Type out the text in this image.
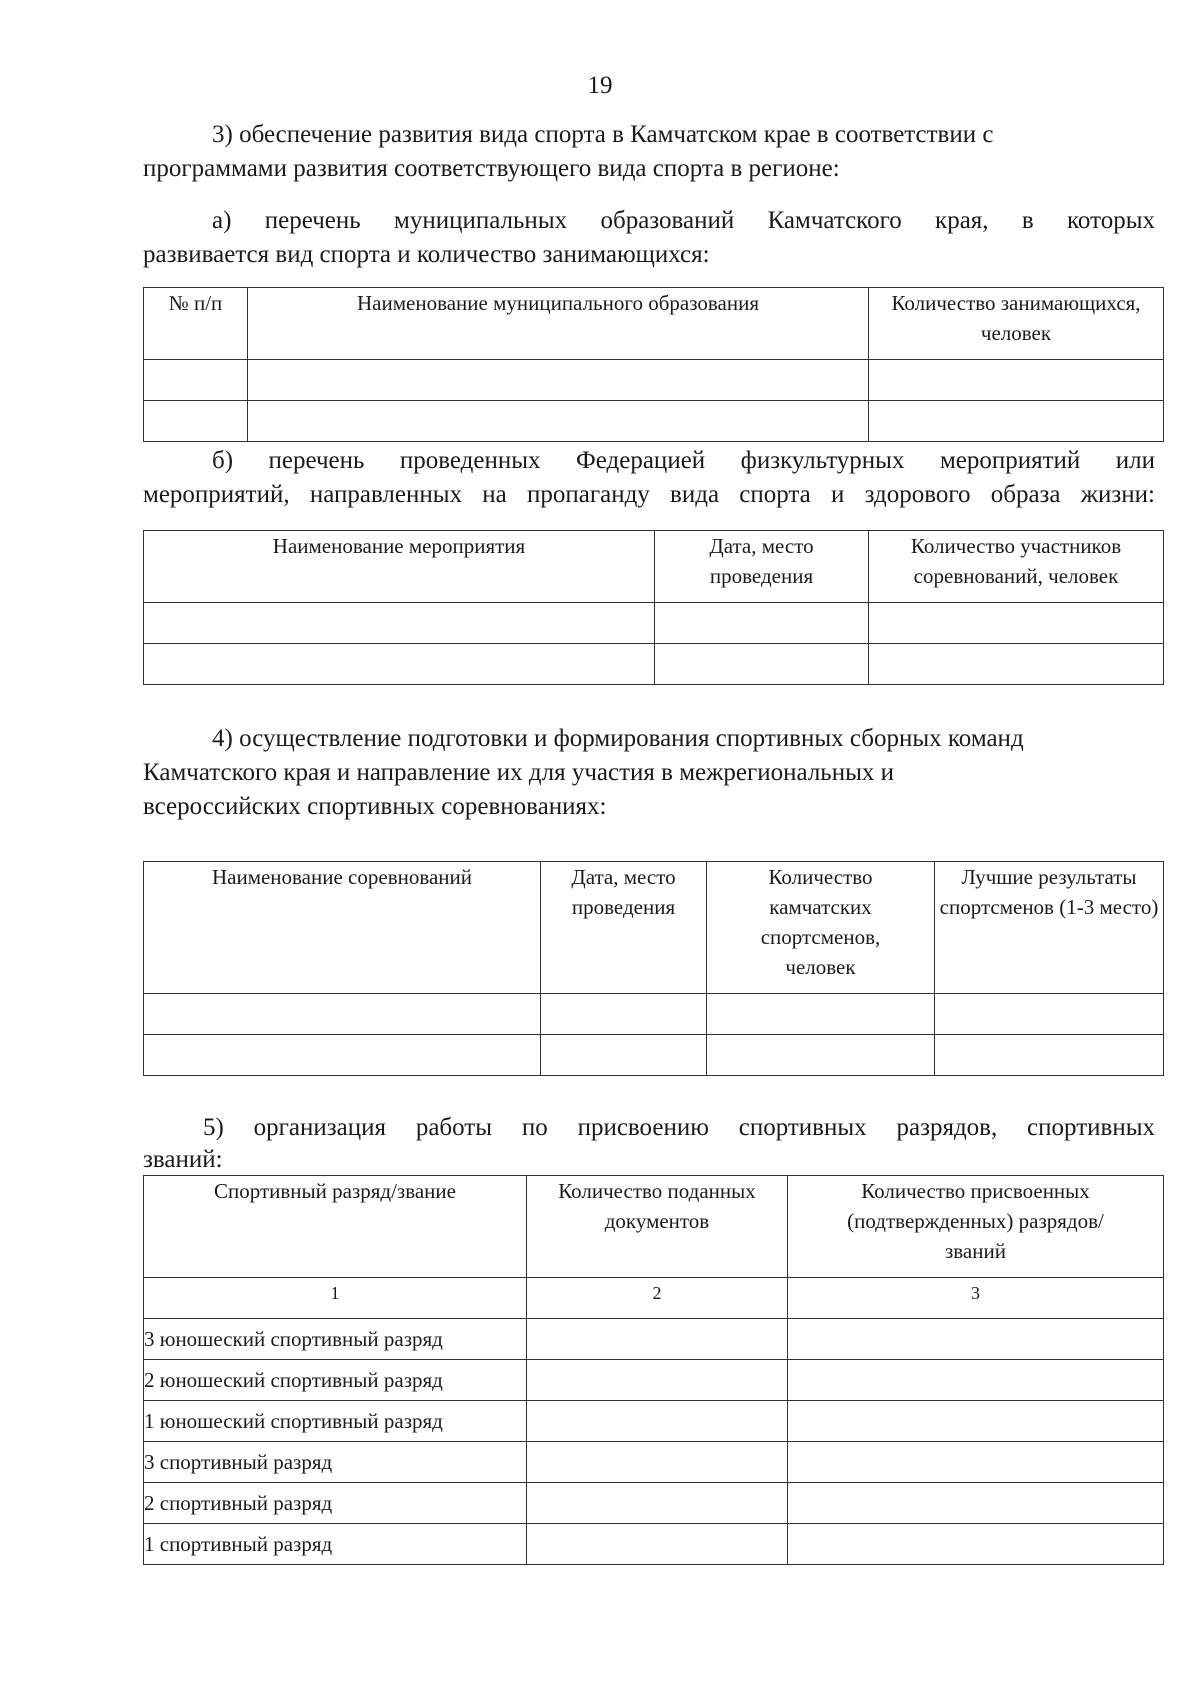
19

3) обеспечение развития вида спорта в Камчатском крае в соответствии с
программами развития соответствующего вида спорта в регионе:

а) перечень муниципальных образований Камчатского края, в которых
развивается вид спорта и количество занимающихся:

№ п/п	Наименование муниципального образования	Количество занимающихся, человек

б) перечень проведенных Федерацией физкультурных мероприятий или
мероприятий, направленных на пропаганду вида спорта и здорового образа жизни:

Наименование мероприятия	Дата, место проведения	Количество участников соревнований, человек

4) осуществление подготовки и формирования спортивных сборных команд
Камчатского края и направление их для участия в межрегиональных и
всероссийских спортивных соревнованиях:

Наименование соревнований	Дата, место проведения	Количество камчатских спортсменов, человек	Лучшие результаты спортсменов (1-3 место)

5) организация работы по присвоению спортивных разрядов, спортивных
званий:

Спортивный разряд/звание	Количество поданных документов	Количество присвоенных (подтвержденных) разрядов/ званий
1	2	3
3 юношеский спортивный разряд		
2 юношеский спортивный разряд		
1 юношеский спортивный разряд		
3 спортивный разряд		
2 спортивный разряд		
1 спортивный разряд		
